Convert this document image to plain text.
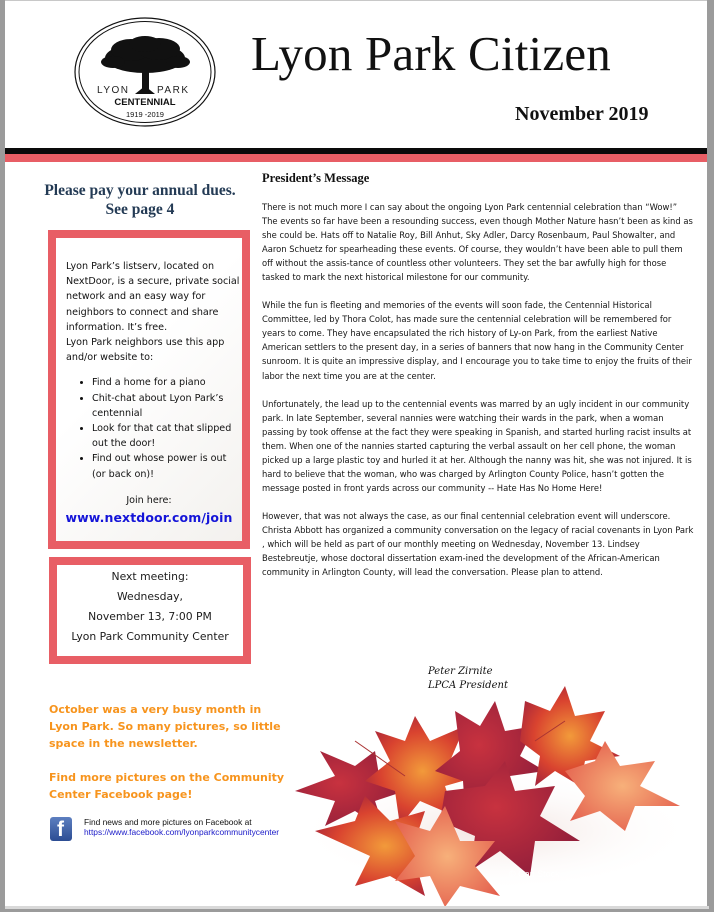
LYON	PARK
CENTENNIAL
1919 -2019
Lyon Park Citizen
November 2019
Please pay your annual dues.
See page 4
Lyon Park’s listserv, located on NextDoor, is a secure, private social network and an easy way for neighbors to connect and share information. It’s free.
Lyon Park neighbors use this app and/or website to:
• Find a home for a piano
• Chit-chat about Lyon Park’s centennial
• Look for that cat that slipped out the door!
• Find out whose power is out (or back on)!
Join here:
www.nextdoor.com/join
Next meeting:
Wednesday,
November 13, 7:00 PM
Lyon Park Community Center

October was a very busy month in Lyon Park. So many pictures, so little space in the newsletter.

Find more pictures on the Community Center Facebook page!

f Find news and more pictures on Facebook at
https://www.facebook.com/lyonparkcommunitycenter
President’s Message

There is not much more I can say about the ongoing Lyon Park centennial celebration than “Wow!” The events so far have been a resounding success, even though Mother Nature hasn’t been as kind as she could be. Hats off to Natalie Roy, Bill Anhut, Sky Adler, Darcy Rosenbaum, Paul Showalter, and Aaron Schuetz for spearheading these events. Of course, they wouldn’t have been able to pull them off without the assis-tance of countless other volunteers. They set the bar awfully high for those tasked to mark the next historical milestone for our community.

While the fun is fleeting and memories of the events will soon fade, the Centennial Historical Committee, led by Thora Colot, has made sure the centennial celebration will be remembered for years to come. They have encapsulated the rich history of Ly-on Park, from the earliest Native American settlers to the present day, in a series of banners that now hang in the Community Center sunroom. It is quite an impressive display, and I encourage you to take time to enjoy the fruits of their labor the next time you are at the center.

Unfortunately, the lead up to the centennial events was marred by an ugly incident in our community park. In late September, several nannies were watching their wards in the park, when a woman passing by took offense at the fact they were speaking in Spanish, and started hurling racist insults at them. When one of the nannies started capturing the verbal assault on her cell phone, the woman picked up a large plastic toy and hurled it at her. Although the nanny was hit, she was not injured. It is hard to believe that the woman, who was charged by Arlington County Police, hasn’t gotten the message posted in front yards across our community -- Hate Has No Home Here!

However, that was not always the case, as our final centennial celebration event will underscore. Christa Abbott has organized a community conversation on the legacy of racial covenants in Lyon Park , which will be held as part of our monthly meeting on Wednesday, November 13. Lindsey Bestebreutje, whose doctoral dissertation exam-ined the development of the African-American community in Arlington County, will lead the conversation. Please plan to attend.

Peter Zirnite
LPCA President
© Can Stock
